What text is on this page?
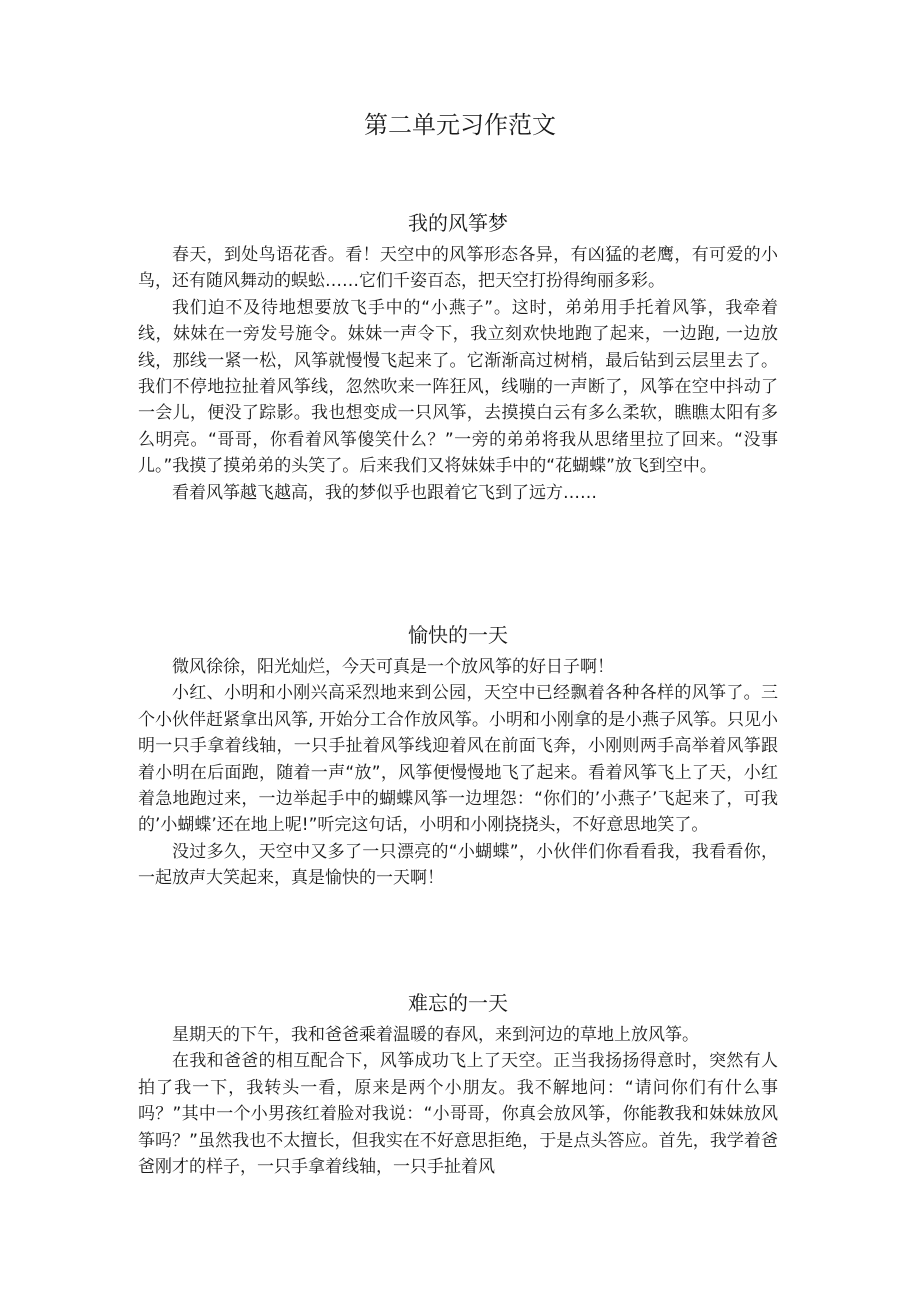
第二单元习作范文
我的风筝梦

春天，到处鸟语花香。看！天空中的风筝形态各异，有凶猛的老鹰，有可爱的小鸟，还有随风舞动的蜈蚣……它们千姿百态，把天空打扮得绚丽多彩。

我们迫不及待地想要放飞手中的“小燕子”。这时，弟弟用手托着风筝，我牵着线，妹妹在一旁发号施令。妹妹一声令下，我立刻欢快地跑了起来，一边跑, 一边放线，那线一紧一松，风筝就慢慢飞起来了。它渐渐高过树梢，最后钻到云层里去了。我们不停地拉扯着风筝线，忽然吹来一阵狂风，线嘣的一声断了，风筝在空中抖动了一会儿，便没了踪影。我也想变成一只风筝，去摸摸白云有多么柔软，瞧瞧太阳有多么明亮。“哥哥，你看着风筝傻笑什么？”一旁的弟弟将我从思绪里拉了回来。“没事儿。”我摸了摸弟弟的头笑了。后来我们又将妹妹手中的“花蝴蝶”放飞到空中。

看着风筝越飞越高，我的梦似乎也跟着它飞到了远方……

愉快的一天

微风徐徐，阳光灿烂，今天可真是一个放风筝的好日子啊！

小红、小明和小刚兴高采烈地来到公园，天空中已经飘着各种各样的风筝了。三个小伙伴赶紧拿出风筝, 开始分工合作放风筝。小明和小刚拿的是小燕子风筝。只见小明一只手拿着线轴，一只手扯着风筝线迎着风在前面飞奔，小刚则两手高举着风筝跟着小明在后面跑，随着一声“放”，风筝便慢慢地飞了起来。看着风筝飞上了天，小红着急地跑过来，一边举起手中的蝴蝶风筝一边埋怨：“你们的’小燕子’飞起来了，可我的’小蝴蝶’还在地上呢!”听完这句话，小明和小刚挠挠头，不好意思地笑了。

没过多久，天空中又多了一只漂亮的“小蝴蝶”，小伙伴们你看看我，我看看你，一起放声大笑起来，真是愉快的一天啊！

难忘的一天

星期天的下午，我和爸爸乘着温暖的春风，来到河边的草地上放风筝。

在我和爸爸的相互配合下，风筝成功飞上了天空。正当我扬扬得意时，突然有人拍了我一下，我转头一看，原来是两个小朋友。我不解地问：“请问你们有什么事吗？”其中一个小男孩红着脸对我说：“小哥哥，你真会放风筝，你能教我和妹妹放风筝吗？”虽然我也不太擅长，但我实在不好意思拒绝，于是点头答应。首先，我学着爸爸刚才的样子，一只手拿着线轴，一只手扯着风
